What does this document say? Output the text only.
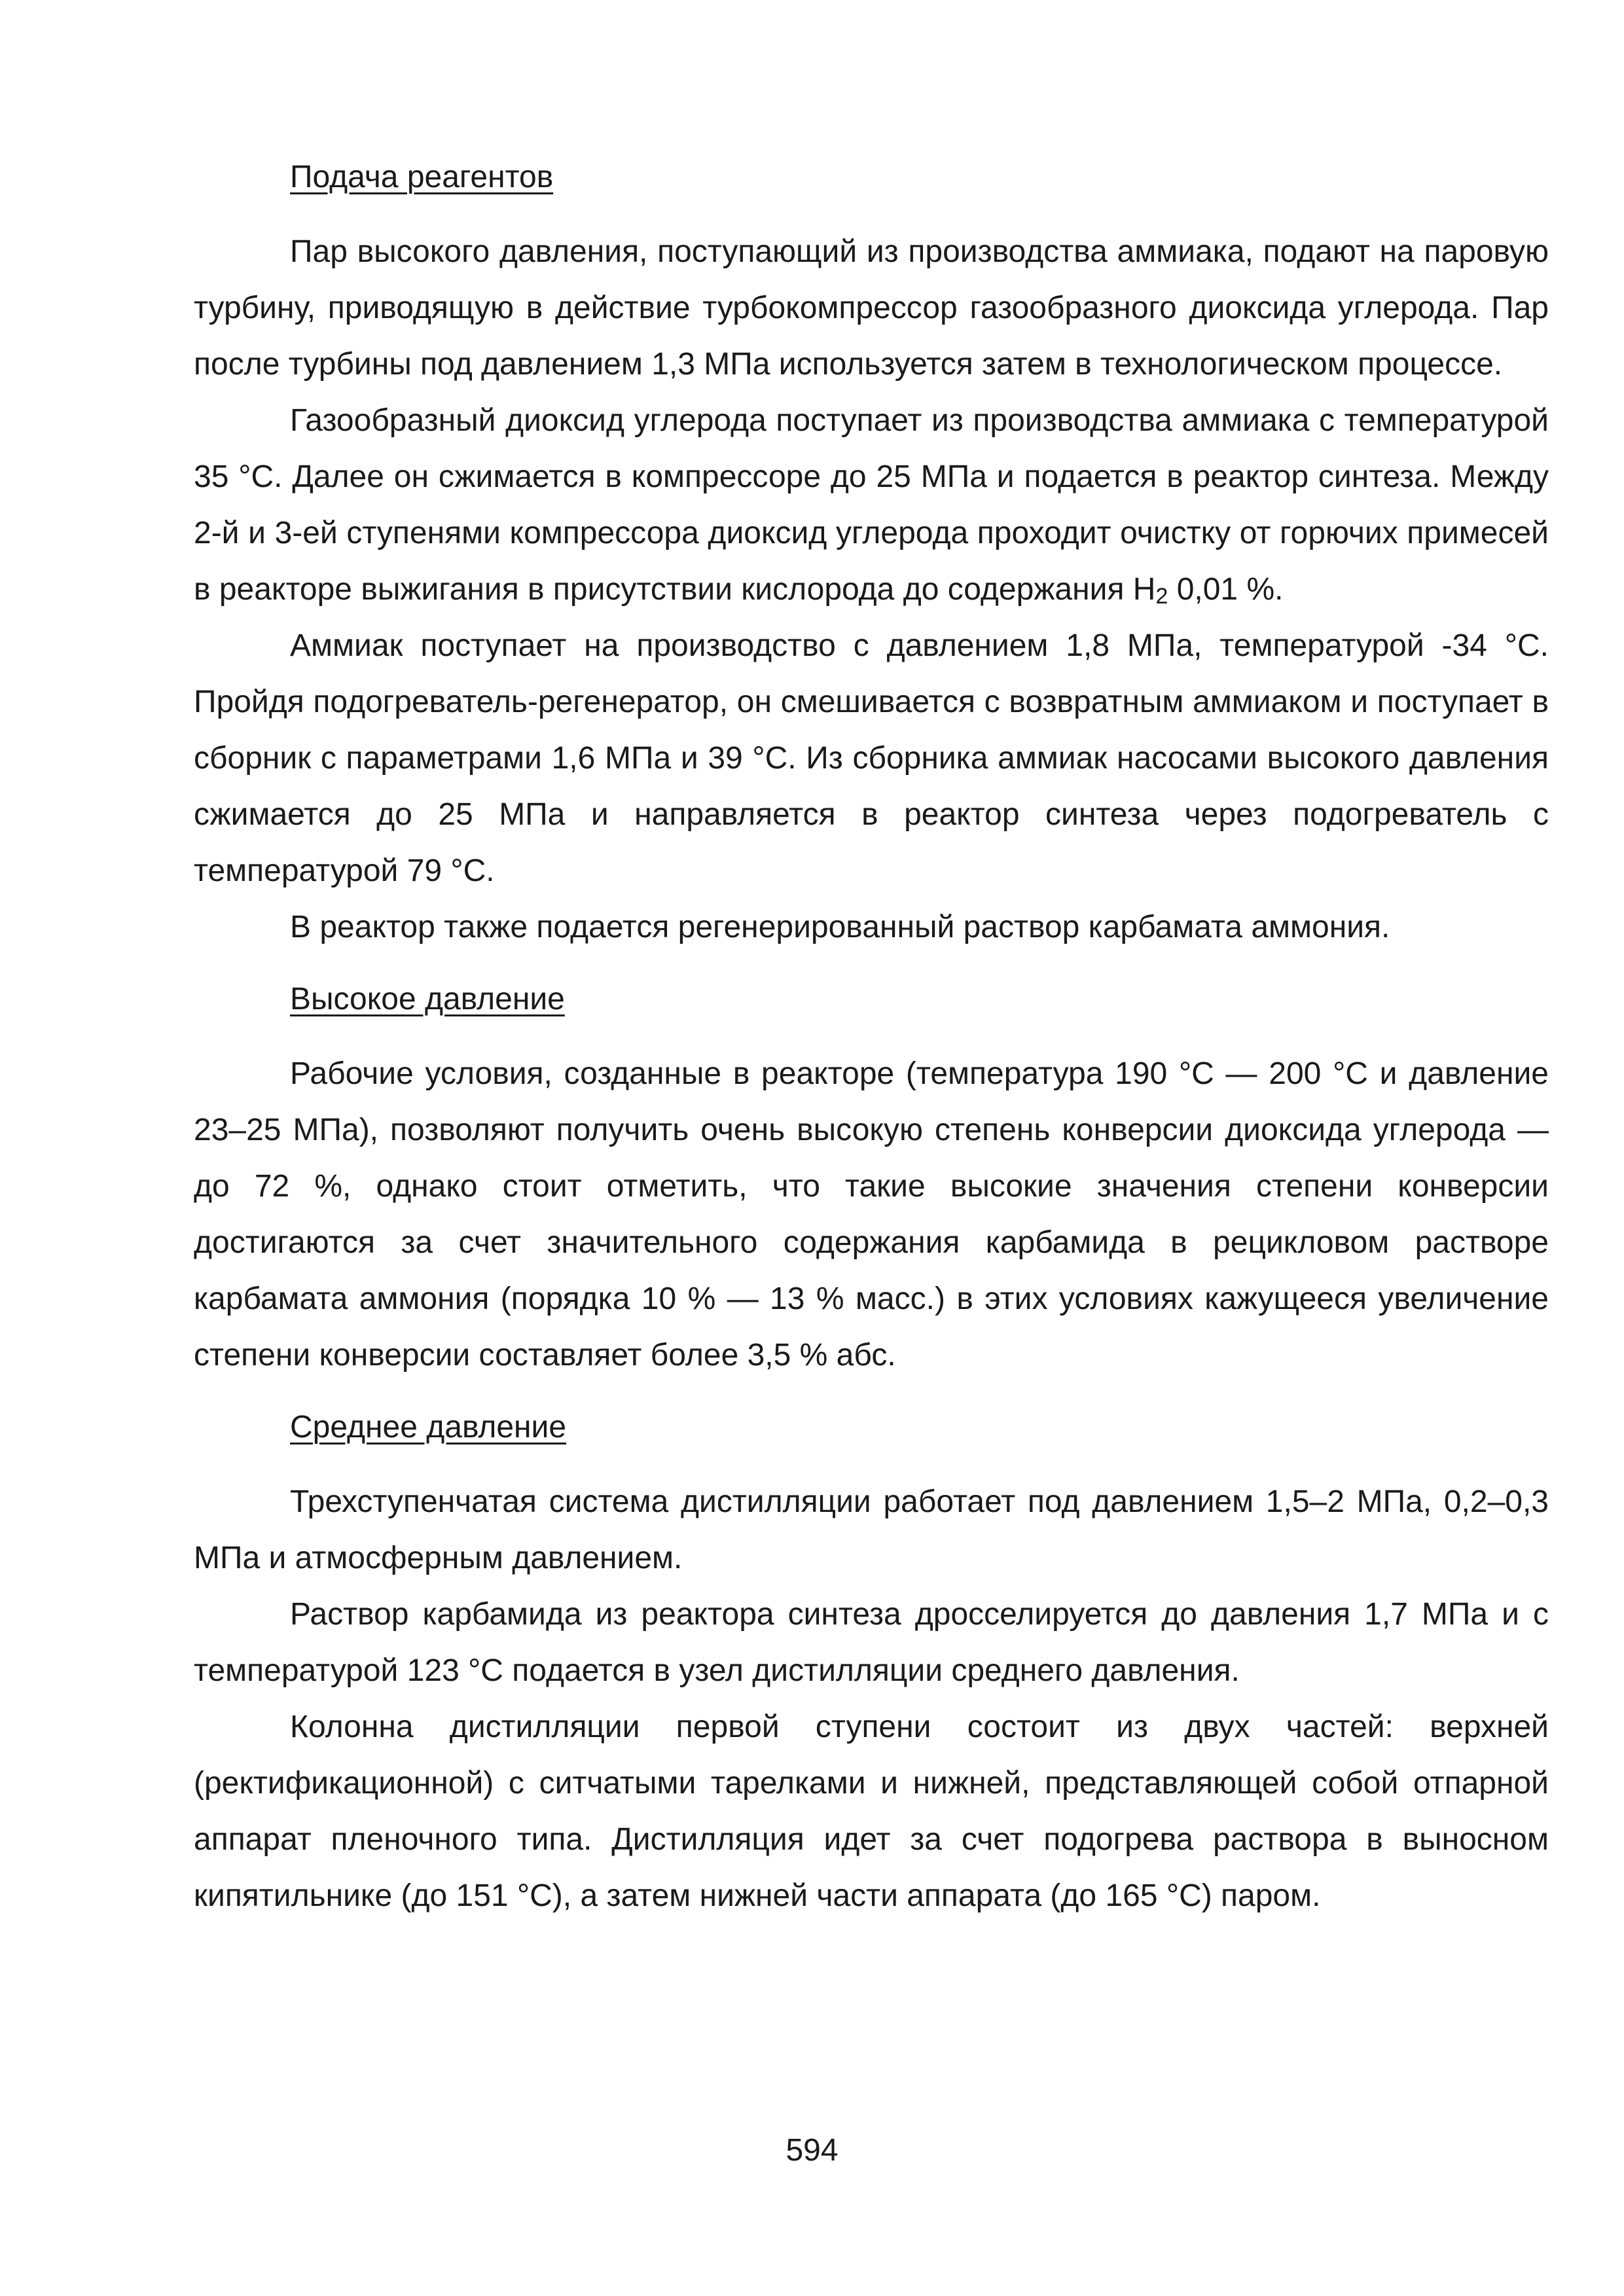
Подача реагентов

Пар высокого давления, поступающий из производства аммиака, подают на паровую турбину, приводящую в действие турбокомпрессор газообразного диоксида углерода. Пар после турбины под давлением 1,3 МПа используется затем в технологическом процессе.

Газообразный диоксид углерода поступает из производства аммиака с температурой 35 °С. Далее он сжимается в компрессоре до 25 МПа и подается в реактор синтеза. Между 2-й и 3-ей ступенями компрессора диоксид углерода проходит очистку от горючих примесей в реакторе выжигания в присутствии кислорода до содержания $Н_2$ 0,01 %.

Аммиак поступает на производство с давлением 1,8 МПа, температурой -34 °С. Пройдя подогреватель-регенератор, он смешивается с возвратным аммиаком и поступает в сборник с параметрами 1,6 МПа и 39 °С. Из сборника аммиак насосами высокого давления сжимается до 25 МПа и направляется в реактор синтеза через подогреватель с температурой 79 °С.

В реактор также подается регенерированный раствор карбамата аммония.

Высокое давление

Рабочие условия, созданные в реакторе (температура 190 °С — 200 °С и давление 23–25 МПа), позволяют получить очень высокую степень конверсии диоксида углерода — до 72 %, однако стоит отметить, что такие высокие значения степени конверсии достигаются за счет значительного содержания карбамида в рецикловом растворе карбамата аммония (порядка 10 % — 13 % масс.) в этих условиях кажущееся увеличение степени конверсии составляет более 3,5 % абс.

Среднее давление

Трехступенчатая система дистилляции работает под давлением 1,5–2 МПа, 0,2–0,3 МПа и атмосферным давлением.

Раствор карбамида из реактора синтеза дросселируется до давления 1,7 МПа и с температурой 123 °С подается в узел дистилляции среднего давления.

Колонна дистилляции первой ступени состоит из двух частей: верхней (ректификационной) с ситчатыми тарелками и нижней, представляющей собой отпарной аппарат пленочного типа. Дистилляция идет за счет подогрева раствора в выносном кипятильнике (до 151 °С), а затем нижней части аппарата (до 165 °С) паром.

594
